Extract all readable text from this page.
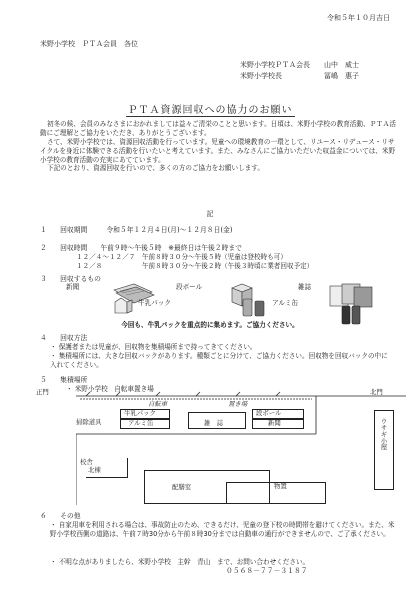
令和５年１０月吉日
米野小学校　ＰＴＡ会員　各位
米野小学校ＰＴＡ会長 山中　威士
米野小学校長	冨嶋　惠子
ＰＴＡ資源回収への協力のお願い

初冬の候、会員のみなさまにおかれましては益々ご清栄のことと思います。日頃は、米野小学校の教育活動、ＰＴＡ活動にご理解とご協力をいただき、ありがとうございます。

さて、米野小学校では、資源回収活動を行っています。児童への環境教育の一環として、リユース・リデュース・リサイクルを身近に体験できる活動を行いたいと考えています。また、みなさんにご協力いただいた収益金については、米野小学校の教育活動の充実にあてています。

下記のとおり、資源回収を行いので、多くの方のご協力をお願いします。

記
１ 回収期間	令和５年１２月４日(月)～１２月８日(金)
２ 回収時間 午前９時～午後５時　※最終日は午後２時まで
１２／４～１２／７　午前８時３０分～午後５時（児童は登校時も可）
１２／８　　　　　　午前８時３０分～午後２時（午後３時頃に業者回収予定）
３ 回収するもの
新聞	段ボール	雑誌
牛乳パック	アルミ缶
今回も、牛乳パックを重点的に集めます。ご協力ください。
４ 回収方法
・ 保護者または児童が、回収物を集積場所まで持ってきてください。
・ 集積場所には、大きな回収バックがあります。種類ごとに分けて、ご協力ください。回収物を回収バックの中に入れてください。
５ 集積場所
・ 米野小学校　自転車置き場
正門	北門
自転車	置き場
掃除道具
牛乳パック
アルミ缶	雑　誌
段ボール
新聞	ウサギ小屋
校舎
北棟
配膳室	物置
６ その他
・ 自家用車を利用される場合は、事故防止のため、できるだけ、児童の登下校の時間帯を避けてください。また、米野小学校西側の道路は、午前７時30分から午前８時30分までは自動車の通行ができませんので、ご了承ください。
・ 不明な点がありましたら、米野小学校　主幹　青山　まで、お問い合わせください。
０５６８－７７－３１８７
